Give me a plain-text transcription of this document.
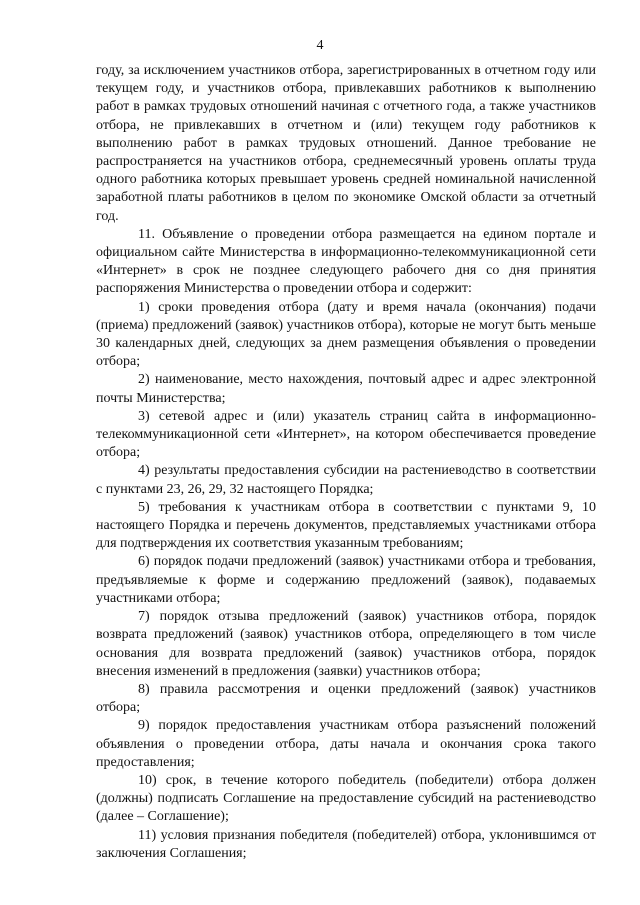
4

году, за исключением участников отбора, зарегистрированных в отчетном году или текущем году, и участников отбора, привлекавших работников к выполнению работ в рамках трудовых отношений начиная с отчетного года, а также участников отбора, не привлекавших в отчетном и (или) текущем году работников к выполнению работ в рамках трудовых отношений. Данное требование не распространяется на участников отбора, среднемесячный уровень оплаты труда одного работника которых превышает уровень средней номинальной начисленной заработной платы работников в целом по экономике Омской области за отчетный год.

11. Объявление о проведении отбора размещается на едином портале и официальном сайте Министерства в информационно-телекоммуникационной сети «Интернет» в срок не позднее следующего рабочего дня со дня принятия распоряжения Министерства о проведении отбора и содержит:

1) сроки проведения отбора (дату и время начала (окончания) подачи (приема) предложений (заявок) участников отбора), которые не могут быть меньше 30 календарных дней, следующих за днем размещения объявления о проведении отбора;

2) наименование, место нахождения, почтовый адрес и адрес электронной почты Министерства;

3) сетевой адрес и (или) указатель страниц сайта в информационно-телекоммуникационной сети «Интернет», на котором обеспечивается проведение отбора;

4) результаты предоставления субсидии на растениеводство в соответствии с пунктами 23, 26, 29, 32 настоящего Порядка;

5) требования к участникам отбора в соответствии с пунктами 9, 10 настоящего Порядка и перечень документов, представляемых участниками отбора для подтверждения их соответствия указанным требованиям;

6) порядок подачи предложений (заявок) участниками отбора и требования, предъявляемые к форме и содержанию предложений (заявок), подаваемых участниками отбора;

7) порядок отзыва предложений (заявок) участников отбора, порядок возврата предложений (заявок) участников отбора, определяющего в том числе основания для возврата предложений (заявок) участников отбора, порядок внесения изменений в предложения (заявки) участников отбора;

8) правила рассмотрения и оценки предложений (заявок) участников отбора;

9) порядок предоставления участникам отбора разъяснений положений объявления о проведении отбора, даты начала и окончания срока такого предоставления;

10) срок, в течение которого победитель (победители) отбора должен (должны) подписать Соглашение на предоставление субсидий на растениеводство (далее – Соглашение);

11) условия признания победителя (победителей) отбора, уклонившимся от заключения Соглашения;
